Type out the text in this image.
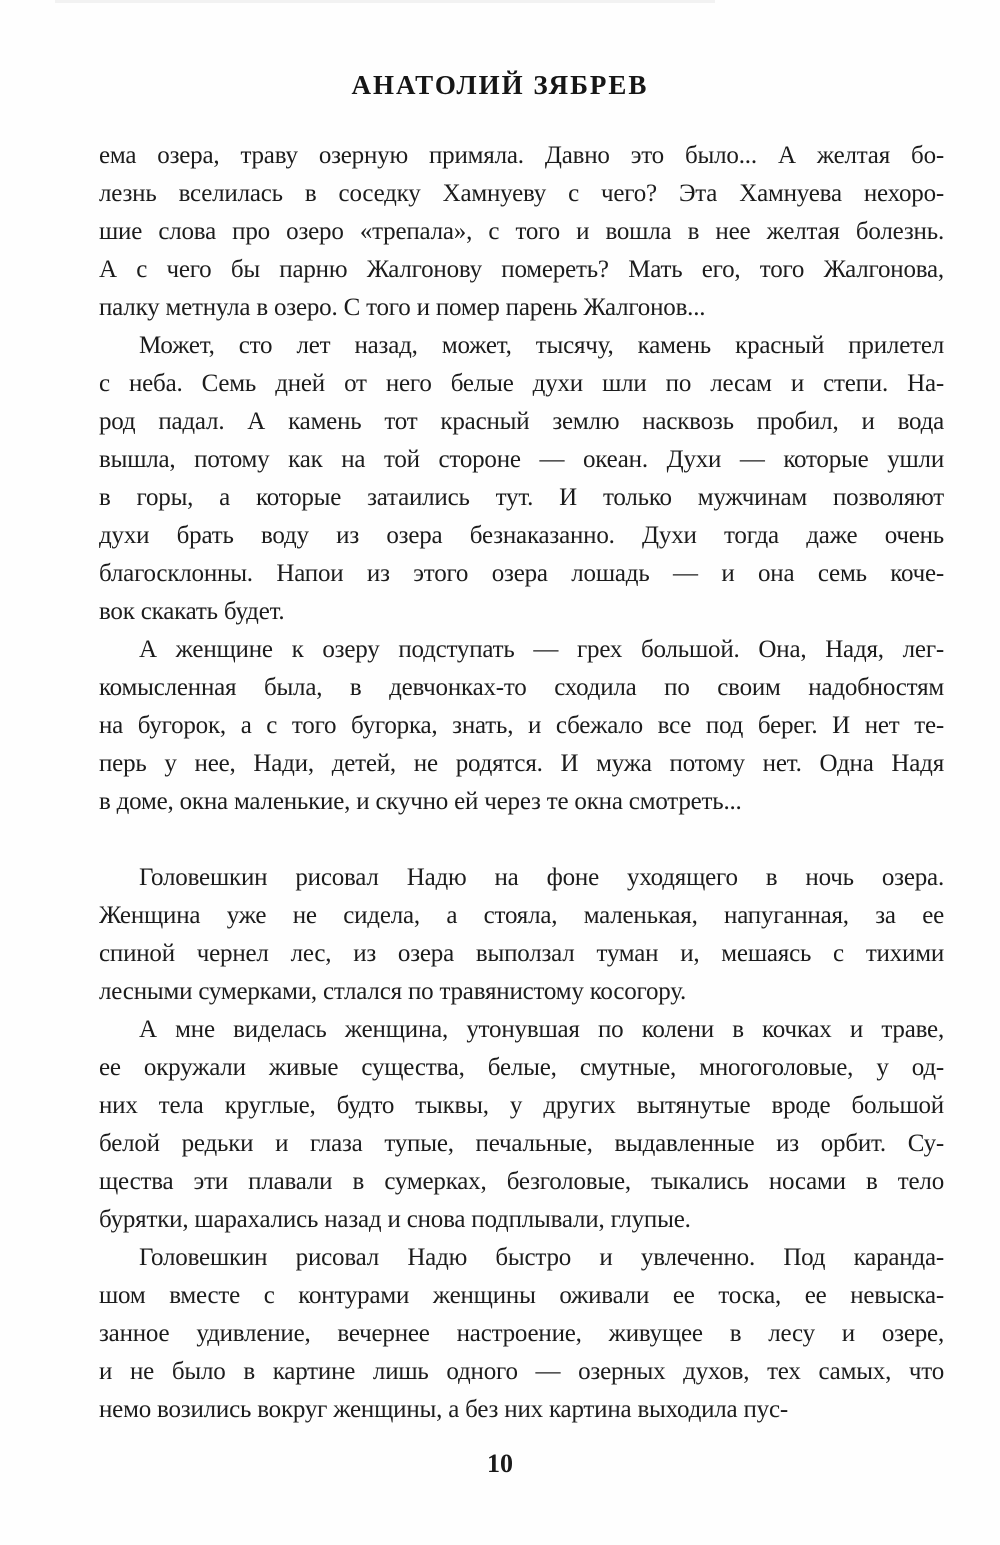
АНАТОЛИЙ ЗЯБРЕВ
ема озера, траву озерную примяла. Давно это было... А желтая бо-
лезнь вселилась в соседку Хамнуеву с чего? Эта Хамнуева нехоро-
шие слова про озеро «трепала», с того и вошла в нее желтая болезнь.
А с чего бы парню Жалгонову помереть? Мать его, того Жалгонова,
палку метнула в озеро. С того и помер парень Жалгонов...
Может, сто лет назад, может, тысячу, камень красный прилетел
с неба. Семь дней от него белые духи шли по лесам и степи. На-
род падал. А камень тот красный землю насквозь пробил, и вода
вышла, потому как на той стороне — океан. Духи — которые ушли
в горы, а которые затаились тут. И только мужчинам позволяют
духи брать воду из озера безнаказанно. Духи тогда даже очень
благосклонны. Напои из этого озера лошадь — и она семь коче-
вок скакать будет.
А женщине к озеру подступать — грех большой. Она, Надя, лег-
комысленная была, в девчонках-то сходила по своим надобностям
на бугорок, а с того бугорка, знать, и сбежало все под берег. И нет те-
перь у нее, Нади, детей, не родятся. И мужа потому нет. Одна Надя
в доме, окна маленькие, и скучно ей через те окна смотреть...
Головешкин рисовал Надю на фоне уходящего в ночь озера.
Женщина уже не сидела, а стояла, маленькая, напуганная, за ее
спиной чернел лес, из озера выползал туман и, мешаясь с тихими
лесными сумерками, стлался по травянистому косогору.
А мне виделась женщина, утонувшая по колени в кочках и траве,
ее окружали живые существа, белые, смутные, многоголовые, у од-
них тела круглые, будто тыквы, у других вытянутые вроде большой
белой редьки и глаза тупые, печальные, выдавленные из орбит. Су-
щества эти плавали в сумерках, безголовые, тыкались носами в тело
бурятки, шарахались назад и снова подплывали, глупые.
Головешкин рисовал Надю быстро и увлеченно. Под каранда-
шом вместе с контурами женщины оживали ее тоска, ее невыска-
занное удивление, вечернее настроение, живущее в лесу и озере,
и не было в картине лишь одного — озерных духов, тех самых, что
немо возились вокруг женщины, а без них картина выходила пус-
10
